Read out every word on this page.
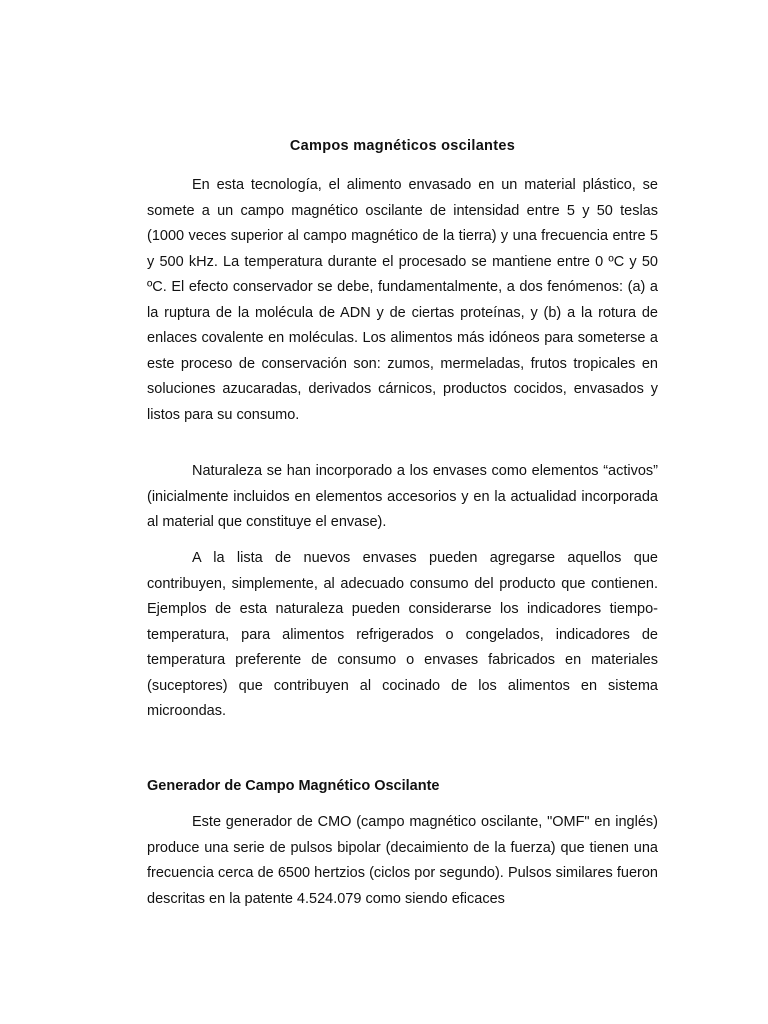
Campos magnéticos oscilantes

En esta tecnología, el alimento envasado en un material plástico, se somete a un campo magnético oscilante de intensidad entre 5 y 50 teslas (1000 veces superior al campo magnético de la tierra) y una frecuencia entre 5 y 500 kHz. La temperatura durante el procesado se mantiene entre 0 ºC y 50 ºC. El efecto conservador se debe, fundamentalmente, a dos fenómenos: (a) a la ruptura de la molécula de ADN y de ciertas proteínas, y (b) a la rotura de enlaces covalente en moléculas. Los alimentos más idóneos para someterse a este proceso de conservación son: zumos, mermeladas, frutos tropicales en soluciones azucaradas, derivados cárnicos, productos cocidos, envasados y listos para su consumo.

Naturaleza se han incorporado a los envases como elementos “activos” (inicialmente incluidos en elementos accesorios y en la actualidad incorporada al material que constituye el envase).

A la lista de nuevos envases pueden agregarse aquellos que contribuyen, simplemente, al adecuado consumo del producto que contienen. Ejemplos de esta naturaleza pueden considerarse los indicadores tiempo-temperatura, para alimentos refrigerados o congelados, indicadores de temperatura preferente de consumo o envases fabricados en materiales (suceptores) que contribuyen al cocinado de los alimentos en sistema microondas.

Generador de Campo Magnético Oscilante

Este generador de CMO (campo magnético oscilante, "OMF" en inglés) produce una serie de pulsos bipolar (decaimiento de la fuerza) que tienen una frecuencia cerca de 6500 hertzios (ciclos por segundo). Pulsos similares fueron descritas en la patente 4.524.079 como siendo eficaces
